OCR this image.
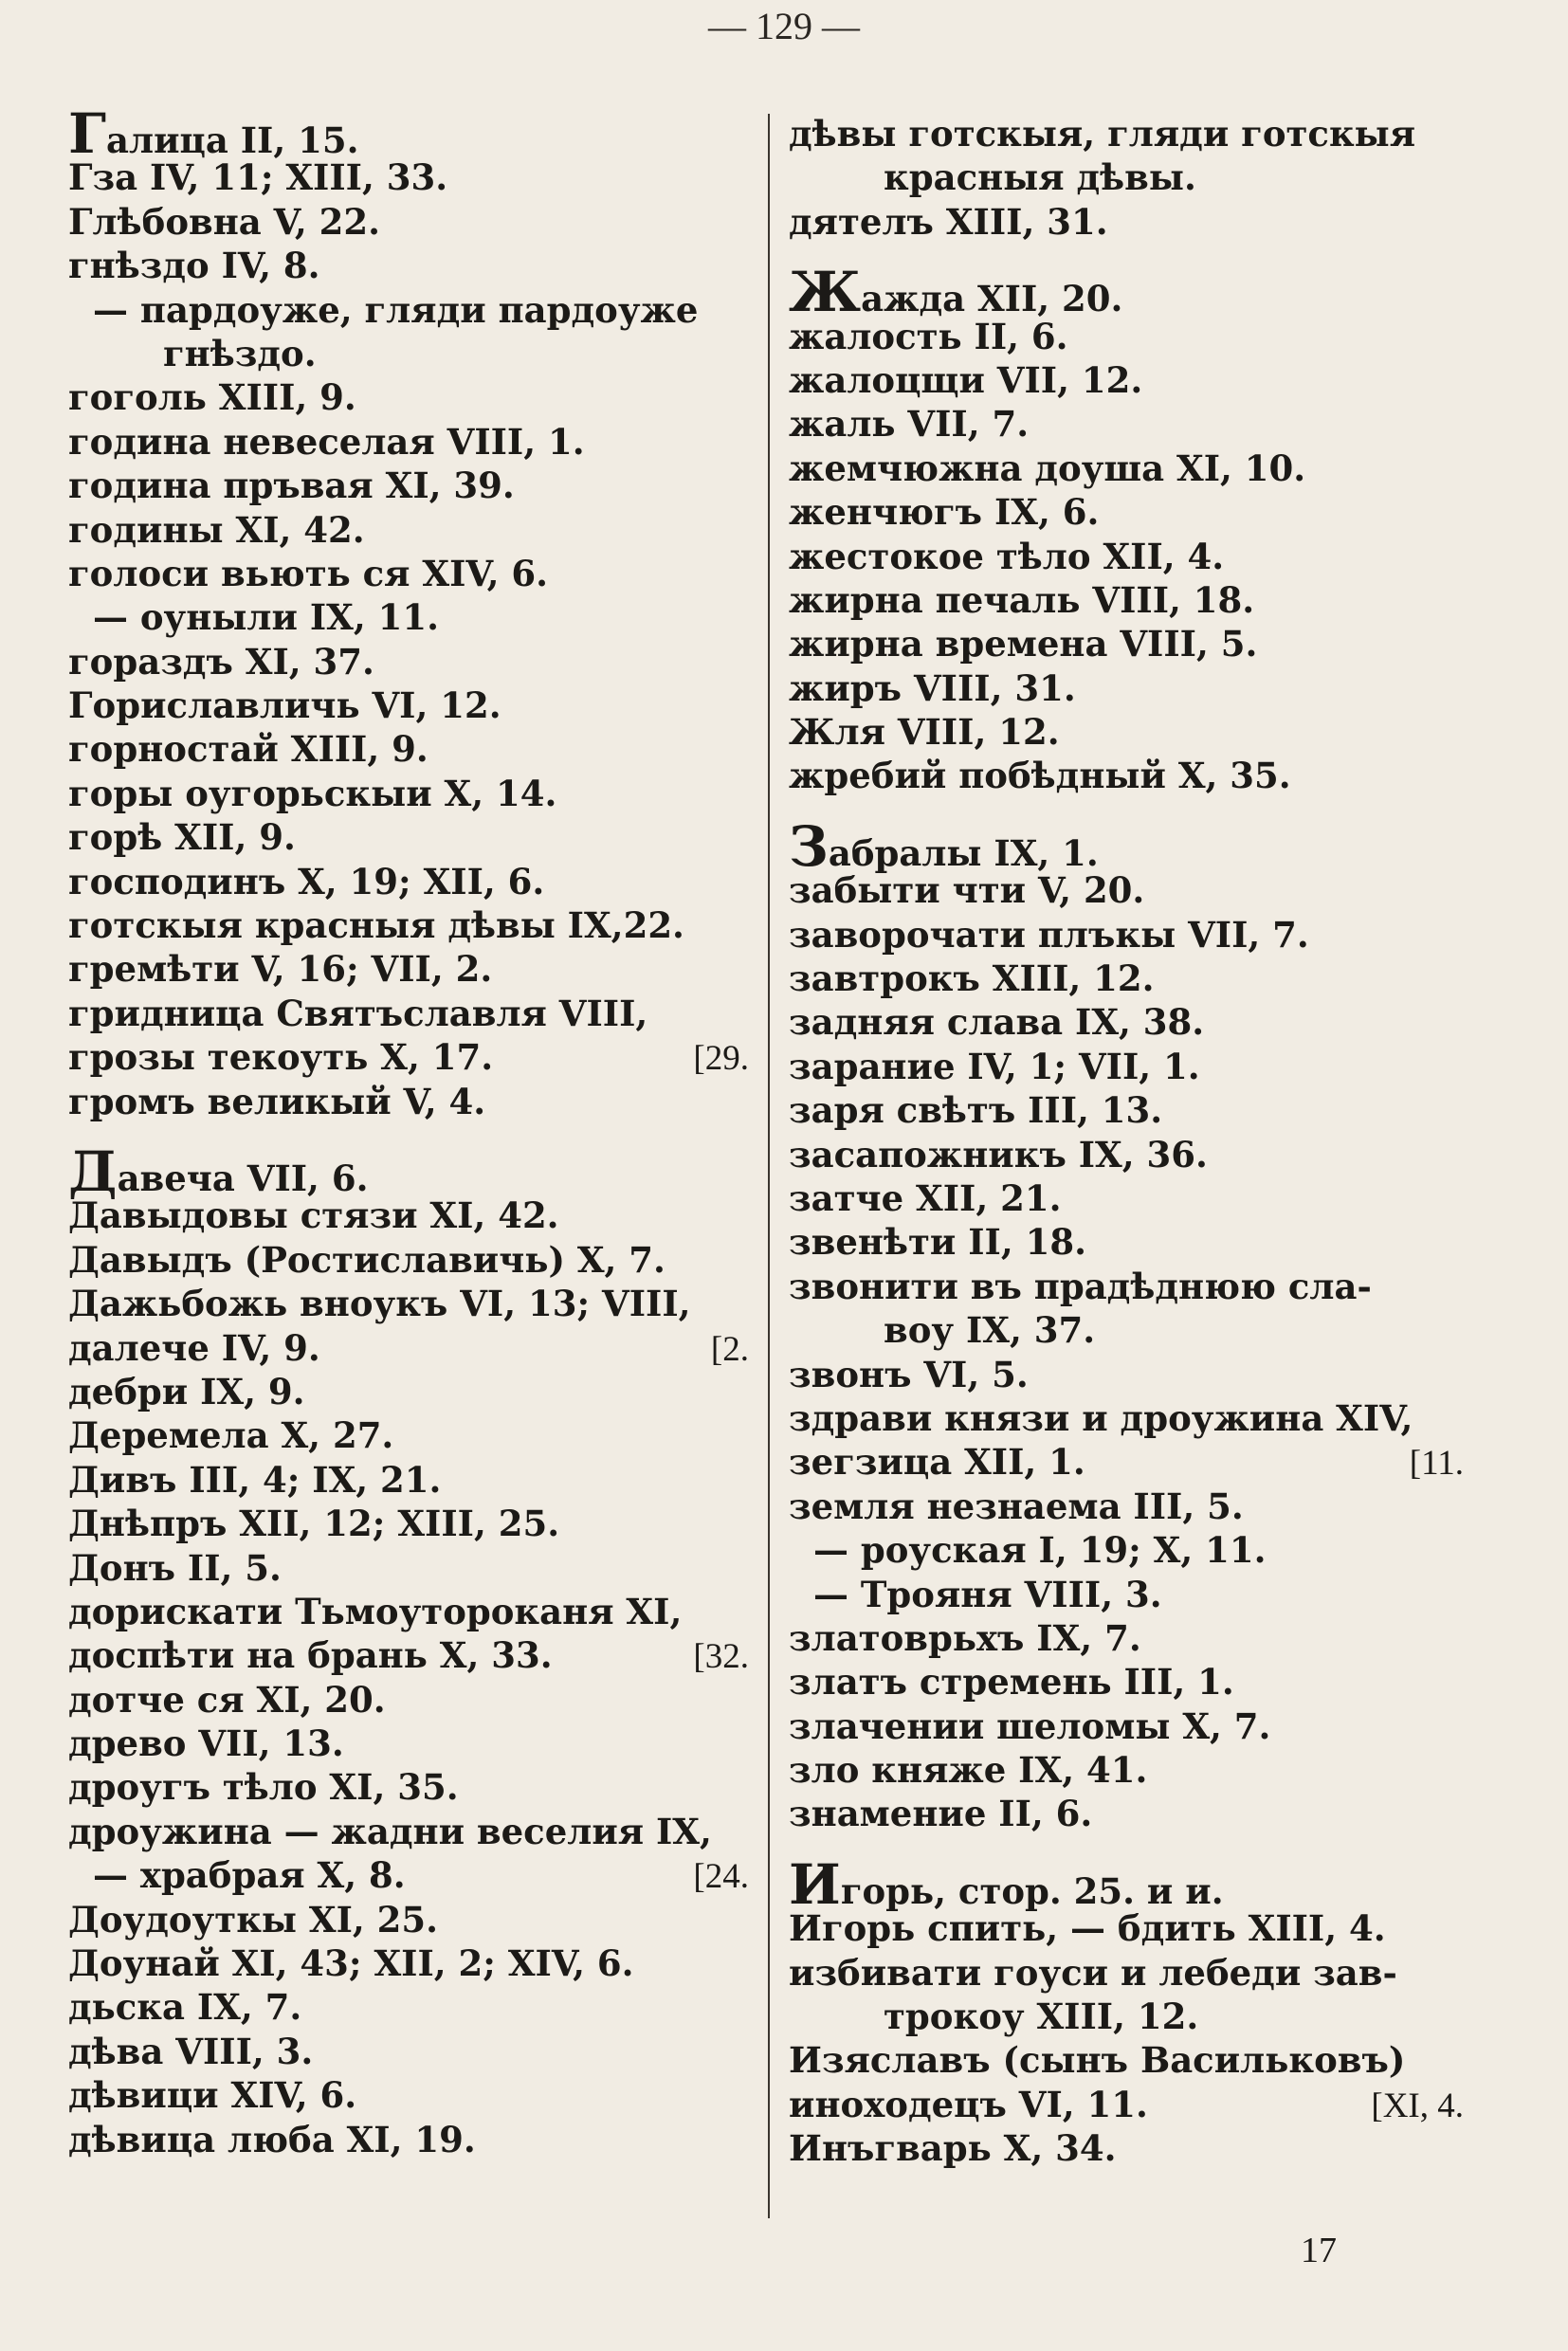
— 129 —
Галица II, 15.
Гза IV, 11; XIII, 33.
Глѣбовна V, 22.
гнѣздо IV, 8.
— пардоуже, гляди пардоуже
гнѣздо.
гоголь XIII, 9.
година невеселая VIII, 1.
година пръвая XI, 39.
годины XI, 42.
голоси вьють ся XIV, 6.
— оуныли IX, 11.
гораздъ XI, 37.
Гориславличь VI, 12.
горностай XIII, 9.
горы оугорьскыи X, 14.
горѣ XII, 9.
господинъ X, 19; XII, 6.
готскыя красныя дѣвы IX,22.
гремѣти V, 16; VII, 2.
гридница Святъславля VIII,
грозы текоуть X, 17.	[29.
громъ великый V, 4.
Давеча VII, 6.
Давыдовы стязи XI, 42.
Давыдъ (Ростиславичь) X, 7.
Дажьбожь вноукъ VI, 13; VIII,
далече IV, 9.	[2.
дебри IX, 9.
Деремела X, 27.
Дивъ III, 4; IX, 21.
Днѣпръ XII, 12; XIII, 25.
Донъ II, 5.
дорискати Тьмоутороканя XI,
доспѣти на брань X, 33.	[32.
дотче ся XI, 20.
древо VII, 13.
дроугъ тѣло XI, 35.
дроужина — жадни веселия IX,
— храбрая X, 8.	[24.
Доудоуткы XI, 25.
Доунай XI, 43; XII, 2; XIV, 6.
дьска IX, 7.
дѣва VIII, 3.
дѣвици XIV, 6.
дѣвица люба XI, 19.
дѣвы готскыя, гляди готскыя
красныя дѣвы.
дятелъ XIII, 31.
Жажда XII, 20.
жалость II, 6.
жалоцщи VII, 12.
жаль VII, 7.
жемчюжна доуша XI, 10.
женчюгъ IX, 6.
жестокое тѣло XII, 4.
жирна печаль VIII, 18.
жирна времена VIII, 5.
жиръ VIII, 31.
Жля VIII, 12.
жребий побѣдный X, 35.
Забралы IX, 1.
забыти чти V, 20.
заворочати плъкы VII, 7.
завтрокъ XIII, 12.
задняя слава IX, 38.
зарание IV, 1; VII, 1.
заря свѣтъ III, 13.
засапожникъ IX, 36.
затче XII, 21.
звенѣти II, 18.
звонити въ прадѣднюю сла-
воу IX, 37.
звонъ VI, 5.
здрави князи и дроужина XIV,
зегзица XII, 1.	[11.
земля незнаема III, 5.
— роуская I, 19; X, 11.
— Трояня VIII, 3.
златоврьхъ IX, 7.
златъ стремень III, 1.
злачении шеломы X, 7.
зло княже IX, 41.
знамение II, 6.
Игорь, стор. 25. и и.
Игорь спить, — бдить XIII, 4.
избивати гоуси и лебеди зав-
трокоу XIII, 12.
Изяславъ (сынъ Васильковъ)
иноходецъ VI, 11.	[XI, 4.
Инъгварь X, 34.
17
